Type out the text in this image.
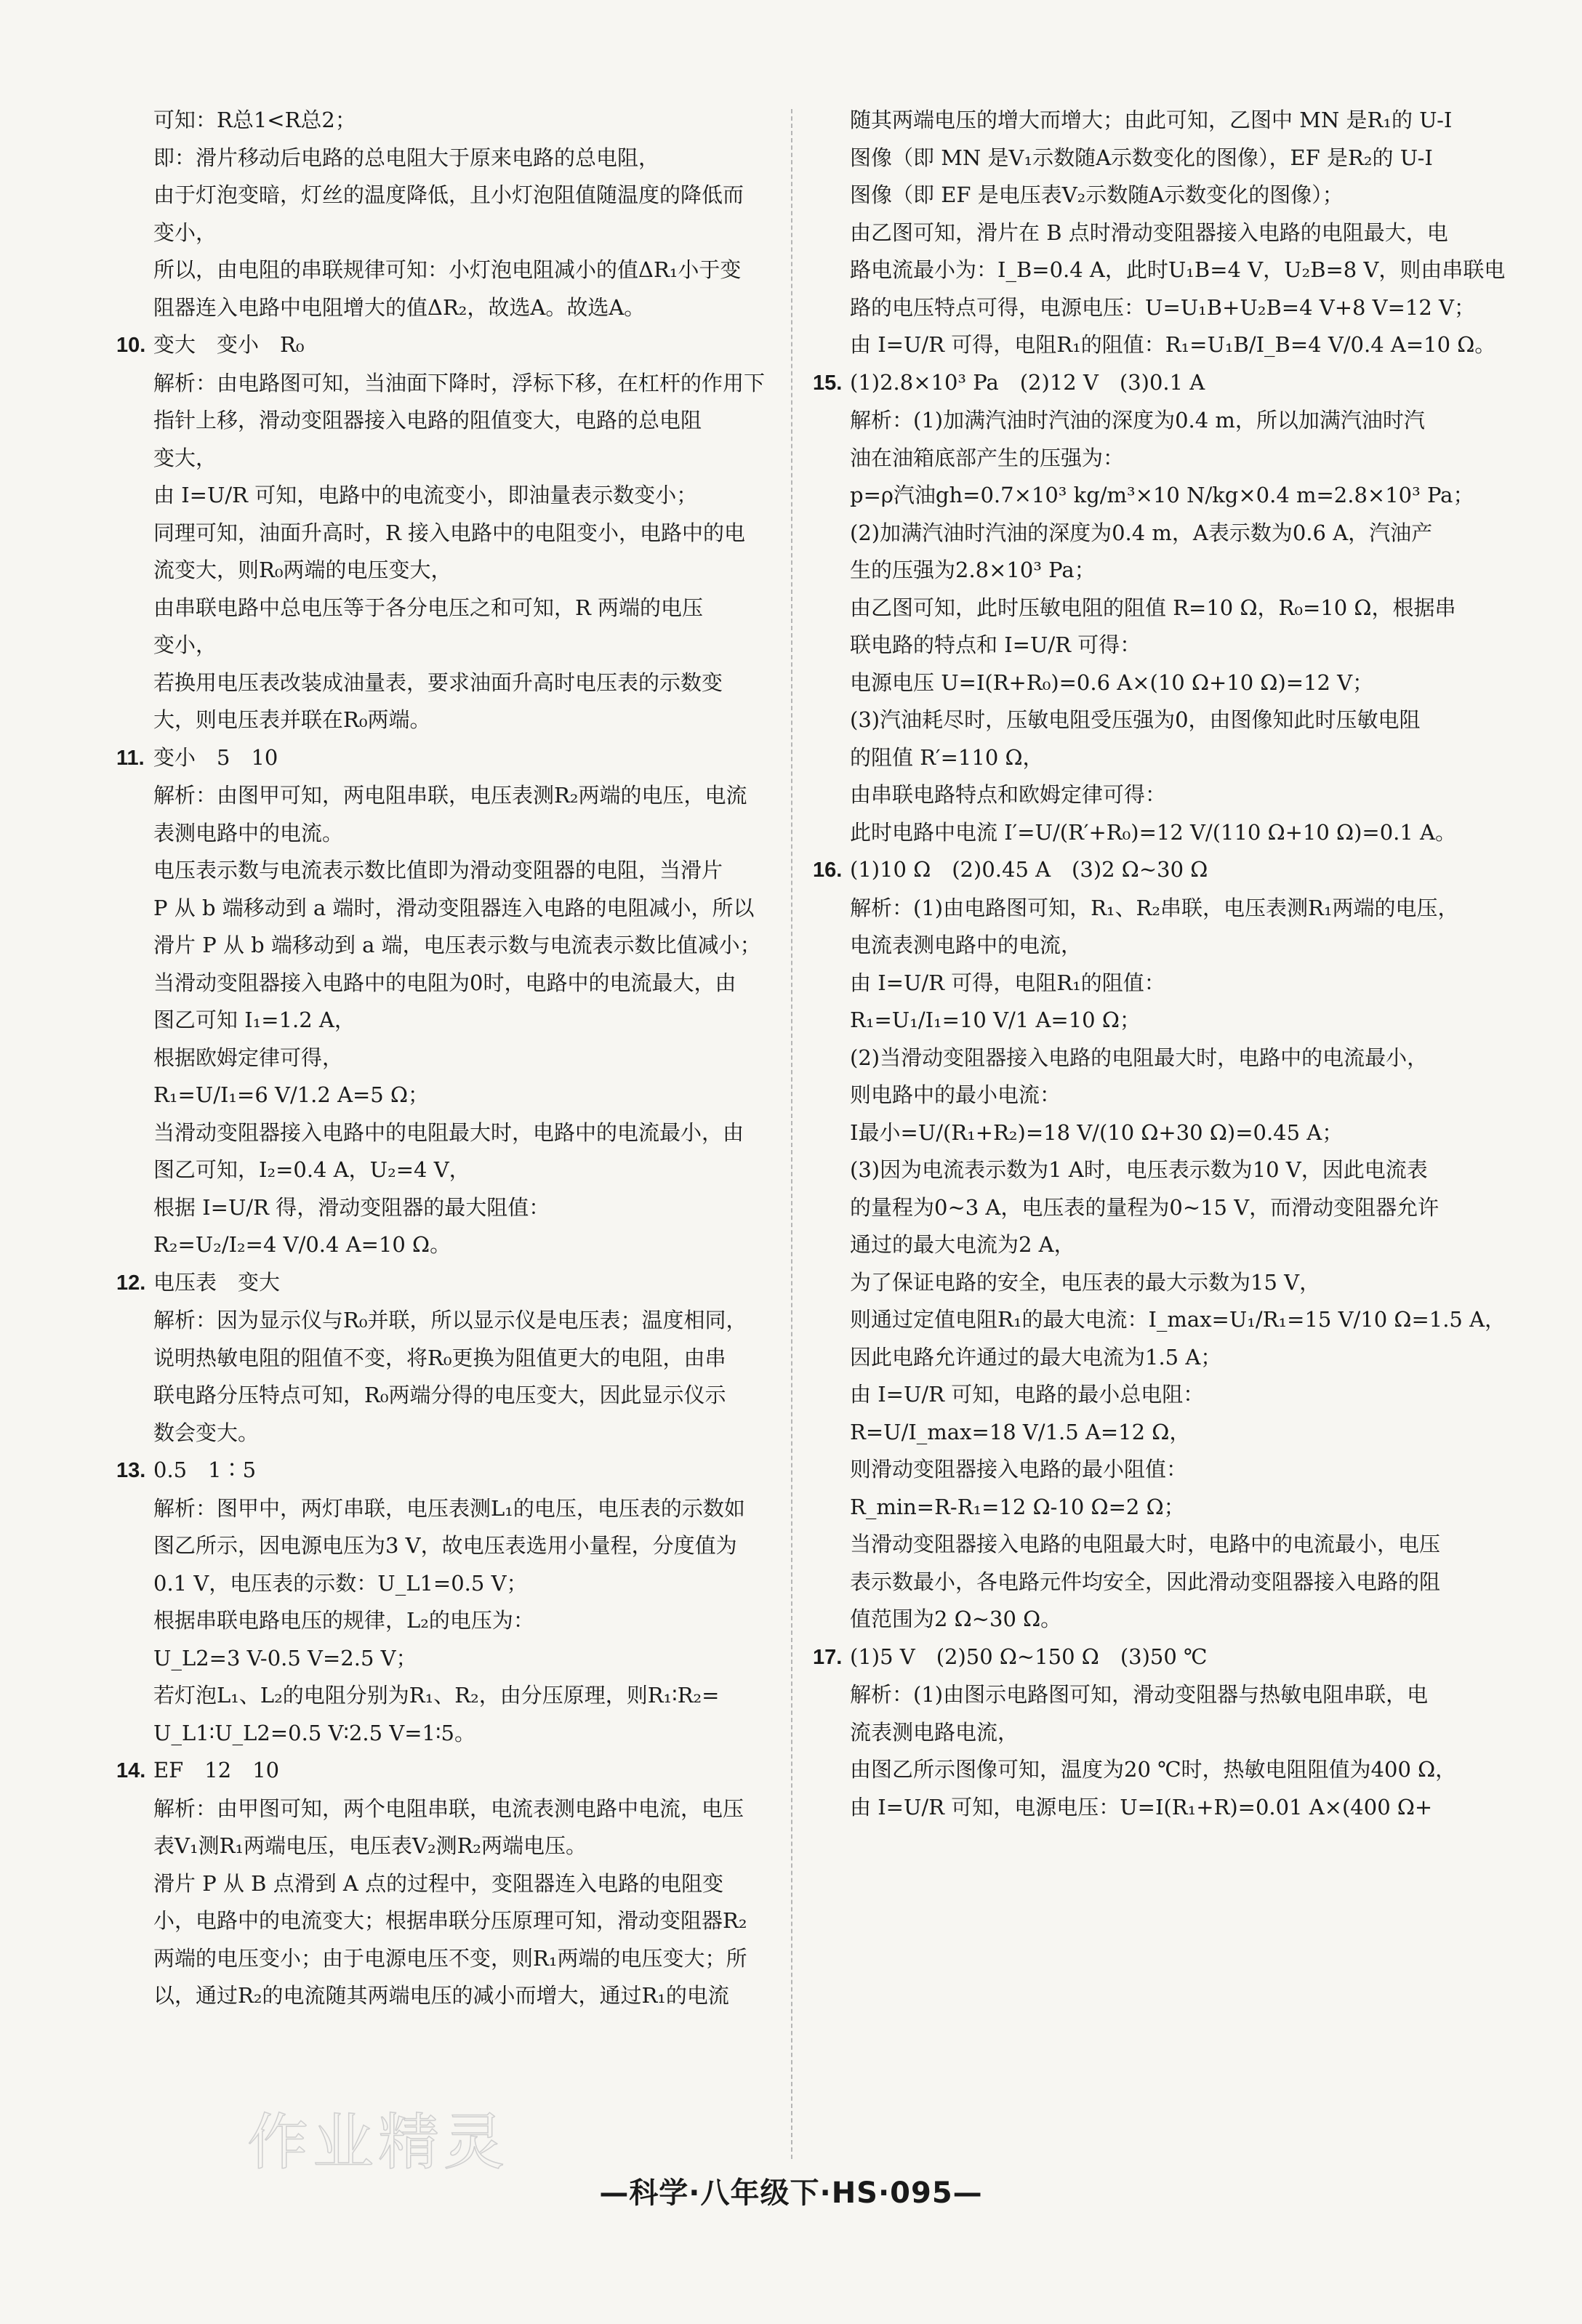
可知：R总1<R总2；
即：滑片移动后电路的总电阻大于原来电路的总电阻，
由于灯泡变暗，灯丝的温度降低，且小灯泡阻值随温度的降低而
变小，
所以，由电阻的串联规律可知：小灯泡电阻减小的值ΔR₁小于变
阻器连入电路中电阻增大的值ΔR₂，故选A。故选A。
10. 变大　变小　R₀
解析：由电路图可知，当油面下降时，浮标下移，在杠杆的作用下
指针上移，滑动变阻器接入电路的阻值变大，电路的总电阻
变大，
由 I=U/R 可知，电路中的电流变小，即油量表示数变小；
同理可知，油面升高时，R 接入电路中的电阻变小，电路中的电
流变大，则R₀两端的电压变大，
由串联电路中总电压等于各分电压之和可知，R 两端的电压
变小，
若换用电压表改装成油量表，要求油面升高时电压表的示数变
大，则电压表并联在R₀两端。
11. 变小　5　10
解析：由图甲可知，两电阻串联，电压表测R₂两端的电压，电流
表测电路中的电流。
电压表示数与电流表示数比值即为滑动变阻器的电阻，当滑片
P 从 b 端移动到 a 端时，滑动变阻器连入电路的电阻减小，所以
滑片 P 从 b 端移动到 a 端，电压表示数与电流表示数比值减小；
当滑动变阻器接入电路中的电阻为0时，电路中的电流最大，由
图乙可知 I₁=1.2 A，
根据欧姆定律可得，
R₁=U/I₁=6 V/1.2 A=5 Ω；
当滑动变阻器接入电路中的电阻最大时，电路中的电流最小，由
图乙可知，I₂=0.4 A，U₂=4 V，
根据 I=U/R 得，滑动变阻器的最大阻值：
R₂=U₂/I₂=4 V/0.4 A=10 Ω。
12. 电压表　变大
解析：因为显示仪与R₀并联，所以显示仪是电压表；温度相同，
说明热敏电阻的阻值不变，将R₀更换为阻值更大的电阻，由串
联电路分压特点可知，R₀两端分得的电压变大，因此显示仪示
数会变大。
13. 0.5　1∶5
解析：图甲中，两灯串联，电压表测L₁的电压，电压表的示数如
图乙所示，因电源电压为3 V，故电压表选用小量程，分度值为
0.1 V，电压表的示数：U_L1=0.5 V；
根据串联电路电压的规律，L₂的电压为：
U_L2=3 V-0.5 V=2.5 V；
若灯泡L₁、L₂的电阻分别为R₁、R₂，由分压原理，则R₁∶R₂=
U_L1∶U_L2=0.5 V∶2.5 V=1∶5。
14. EF　12　10
解析：由甲图可知，两个电阻串联，电流表测电路中电流，电压
表V₁测R₁两端电压，电压表V₂测R₂两端电压。
滑片 P 从 B 点滑到 A 点的过程中，变阻器连入电路的电阻变
小，电路中的电流变大；根据串联分压原理可知，滑动变阻器R₂
两端的电压变小；由于电源电压不变，则R₁两端的电压变大；所
以，通过R₂的电流随其两端电压的减小而增大，通过R₁的电流
随其两端电压的增大而增大；由此可知，乙图中 MN 是R₁的 U-I
图像（即 MN 是V₁示数随A示数变化的图像），EF 是R₂的 U-I
图像（即 EF 是电压表V₂示数随A示数变化的图像）；
由乙图可知，滑片在 B 点时滑动变阻器接入电路的电阻最大，电
路电流最小为：I_B=0.4 A，此时U₁B=4 V，U₂B=8 V，则由串联电
路的电压特点可得，电源电压：U=U₁B+U₂B=4 V+8 V=12 V；
由 I=U/R 可得，电阻R₁的阻值：R₁=U₁B/I_B=4 V/0.4 A=10 Ω。
15. (1)2.8×10³ Pa　(2)12 V　(3)0.1 A
解析：(1)加满汽油时汽油的深度为0.4 m，所以加满汽油时汽
油在油箱底部产生的压强为：
p=ρ汽油gh=0.7×10³ kg/m³×10 N/kg×0.4 m=2.8×10³ Pa；
(2)加满汽油时汽油的深度为0.4 m，A表示数为0.6 A，汽油产
生的压强为2.8×10³ Pa；
由乙图可知，此时压敏电阻的阻值 R=10 Ω，R₀=10 Ω，根据串
联电路的特点和 I=U/R 可得：
电源电压 U=I(R+R₀)=0.6 A×(10 Ω+10 Ω)=12 V；
(3)汽油耗尽时，压敏电阻受压强为0，由图像知此时压敏电阻
的阻值 R′=110 Ω，
由串联电路特点和欧姆定律可得：
此时电路中电流 I′=U/(R′+R₀)=12 V/(110 Ω+10 Ω)=0.1 A。
16. (1)10 Ω　(2)0.45 A　(3)2 Ω~30 Ω
解析：(1)由电路图可知，R₁、R₂串联，电压表测R₁两端的电压，
电流表测电路中的电流，
由 I=U/R 可得，电阻R₁的阻值：
R₁=U₁/I₁=10 V/1 A=10 Ω；
(2)当滑动变阻器接入电路的电阻最大时，电路中的电流最小，
则电路中的最小电流：
I最小=U/(R₁+R₂)=18 V/(10 Ω+30 Ω)=0.45 A；
(3)因为电流表示数为1 A时，电压表示数为10 V，因此电流表
的量程为0~3 A，电压表的量程为0~15 V，而滑动变阻器允许
通过的最大电流为2 A，
为了保证电路的安全，电压表的最大示数为15 V，
则通过定值电阻R₁的最大电流：I_max=U₁/R₁=15 V/10 Ω=1.5 A，
因此电路允许通过的最大电流为1.5 A；
由 I=U/R 可知，电路的最小总电阻：
R=U/I_max=18 V/1.5 A=12 Ω，
则滑动变阻器接入电路的最小阻值：
R_min=R-R₁=12 Ω-10 Ω=2 Ω；
当滑动变阻器接入电路的电阻最大时，电路中的电流最小，电压
表示数最小，各电路元件均安全，因此滑动变阻器接入电路的阻
值范围为2 Ω~30 Ω。
17. (1)5 V　(2)50 Ω~150 Ω　(3)50 ℃
解析：(1)由图示电路图可知，滑动变阻器与热敏电阻串联，电
流表测电路电流，
由图乙所示图像可知，温度为20 ℃时，热敏电阻阻值为400 Ω，
由 I=U/R 可知，电源电压：U=I(R₁+R)=0.01 A×(400 Ω+
作业精灵
—科学·八年级下·HS·095—
